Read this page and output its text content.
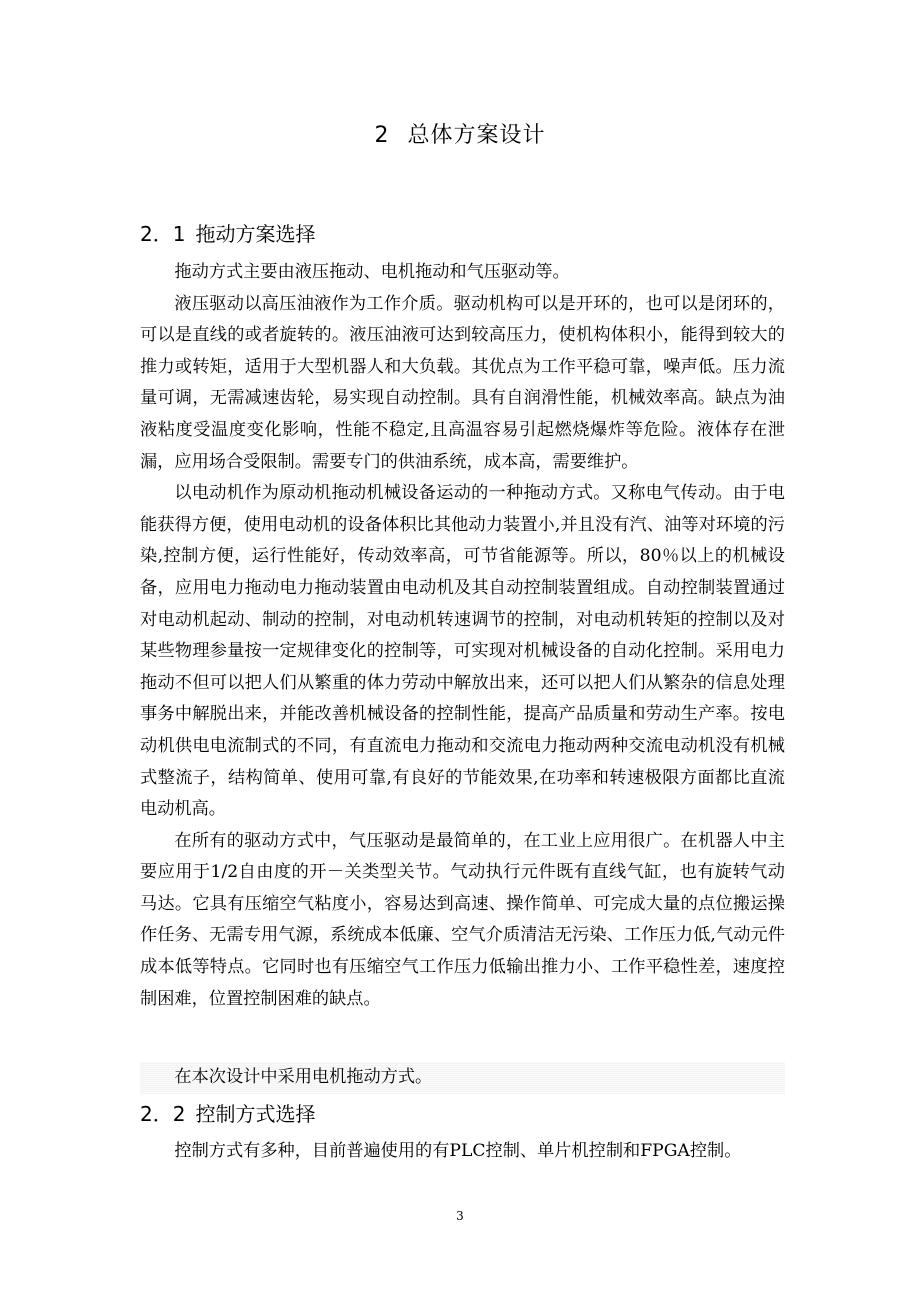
2 总体方案设计
2．1 拖动方案选择

拖动方式主要由液压拖动、电机拖动和气压驱动等。

液压驱动以高压油液作为工作介质。驱动机构可以是开环的，也可以是闭环的，可以是直线的或者旋转的。液压油液可达到较高压力，使机构体积小，能得到较大的推力或转矩，适用于大型机器人和大负载。其优点为工作平稳可靠，噪声低。压力流量可调，无需减速齿轮，易实现自动控制。具有自润滑性能，机械效率高。缺点为油液粘度受温度变化影响，性能不稳定,且高温容易引起燃烧爆炸等危险。液体存在泄漏，应用场合受限制。需要专门的供油系统，成本高，需要维护。

以电动机作为原动机拖动机械设备运动的一种拖动方式。又称电气传动。由于电能获得方便，使用电动机的设备体积比其他动力装置小,并且没有汽、油等对环境的污染,控制方便，运行性能好，传动效率高，可节省能源等。所以，80％以上的机械设备，应用电力拖动电力拖动装置由电动机及其自动控制装置组成。自动控制装置通过对电动机起动、制动的控制，对电动机转速调节的控制，对电动机转矩的控制以及对某些物理参量按一定规律变化的控制等，可实现对机械设备的自动化控制。采用电力拖动不但可以把人们从繁重的体力劳动中解放出来，还可以把人们从繁杂的信息处理事务中解脱出来，并能改善机械设备的控制性能，提高产品质量和劳动生产率。按电动机供电电流制式的不同，有直流电力拖动和交流电力拖动两种交流电动机没有机械式整流子，结构简单、使用可靠,有良好的节能效果,在功率和转速极限方面都比直流电动机高。

在所有的驱动方式中，气压驱动是最简单的，在工业上应用很广。在机器人中主要应用于1/2自由度的开－关类型关节。气动执行元件既有直线气缸，也有旋转气动马达。它具有压缩空气粘度小，容易达到高速、操作简单、可完成大量的点位搬运操作任务、无需专用气源，系统成本低廉、空气介质清洁无污染、工作压力低,气动元件成本低等特点。它同时也有压缩空气工作压力低输出推力小、工作平稳性差，速度控制困难，位置控制困难的缺点。

在本次设计中采用电机拖动方式。

2．2 控制方式选择

控制方式有多种，目前普遍使用的有PLC控制、单片机控制和FPGA控制。

3
